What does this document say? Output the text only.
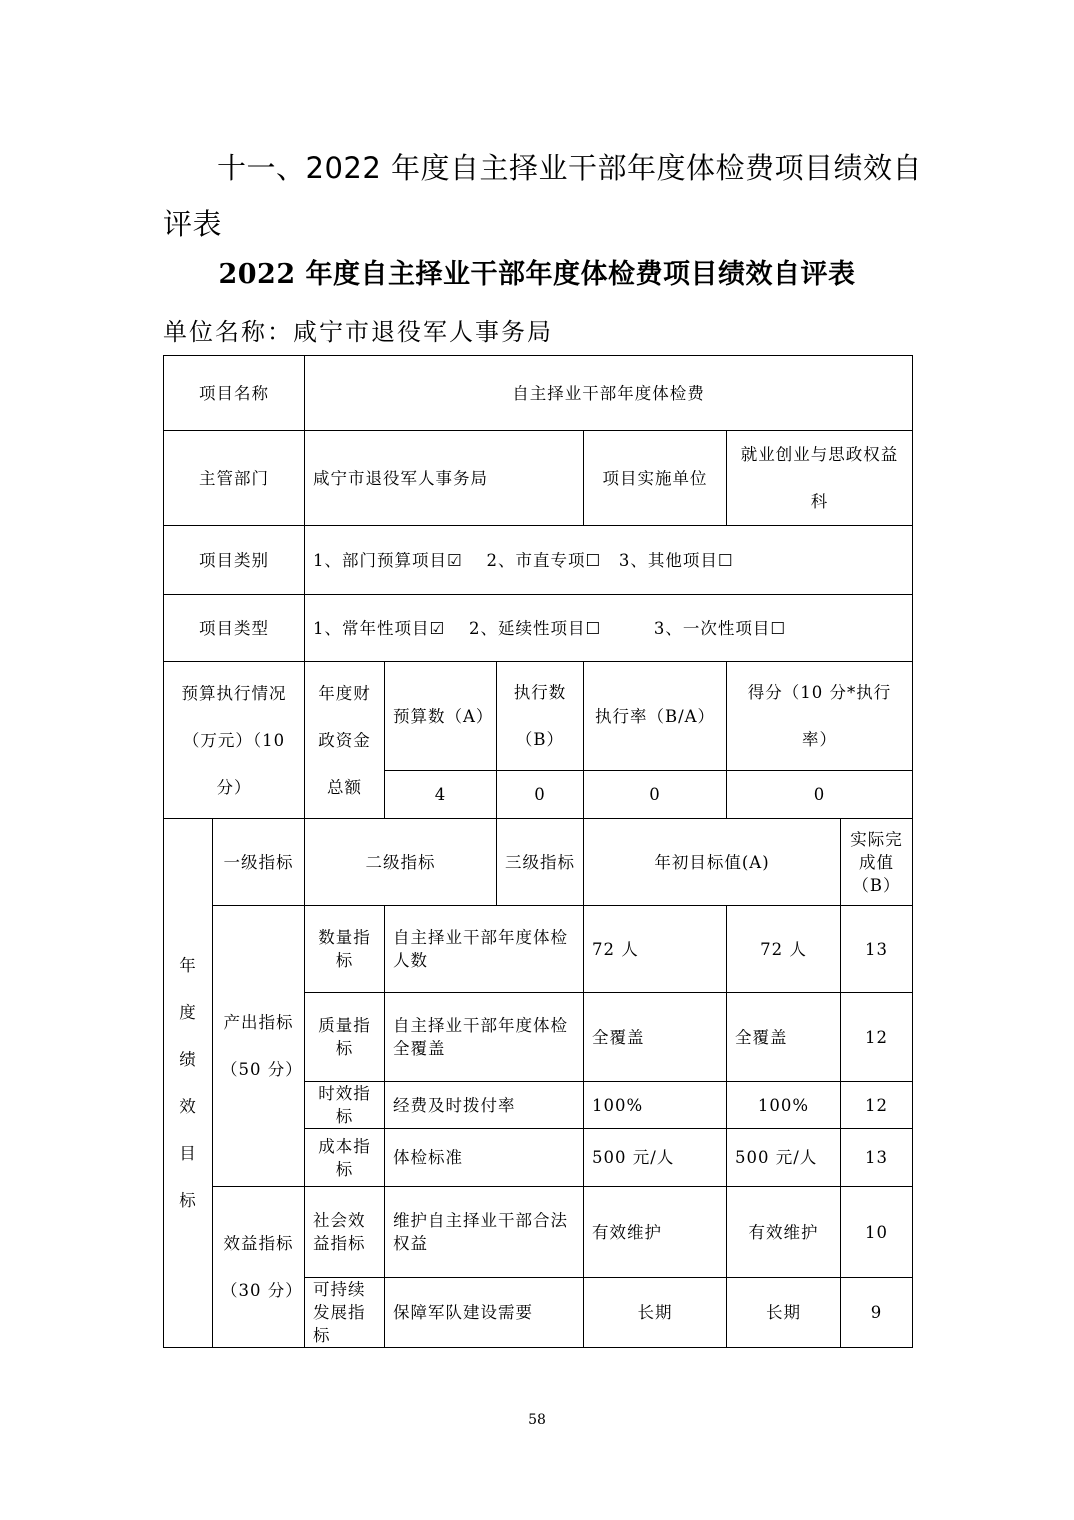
十一、2022 年度自主择业干部年度体检费项目绩效自评表
2022 年度自主择业干部年度体检费项目绩效自评表
单位名称：咸宁市退役军人事务局
项目名称		自主择业干部年度体检费						
主管部门		咸宁市退役军人事务局			项目实施单位	就业创业与思政权益科		
项目类别		1、部门预算项目☑　 2、市直专项☐　3、其他项目☐						
项目类型		1、常年性项目☑　 2、延续性项目☐　　　3、一次性项目☐						
预算执行情况（万元）（10 分）		年度财政资金总额	预算数（A）	执行数（B）	执行率（B/A）	得分（10 分*执行率）		
			4	0	0	0		
年度绩效目标	一级指标	二级指标		三级指标	年初目标值(A)		实际完成值（B）	
	产出指标（50 分）	数量指标	自主择业干部年度体检人数		72 人	72 人	13	
		质量指标	自主择业干部年度体检全覆盖		全覆盖	全覆盖	12	
		时效指标	经费及时拨付率		100%	100%	12	
		成本指标	体检标准		500 元/人	500 元/人	13	
	效益指标（30 分）	社会效益指标	维护自主择业干部合法权益		有效维护	有效维护	10	
		可持续发展指标	保障军队建设需要		长期	长期	9	
58
